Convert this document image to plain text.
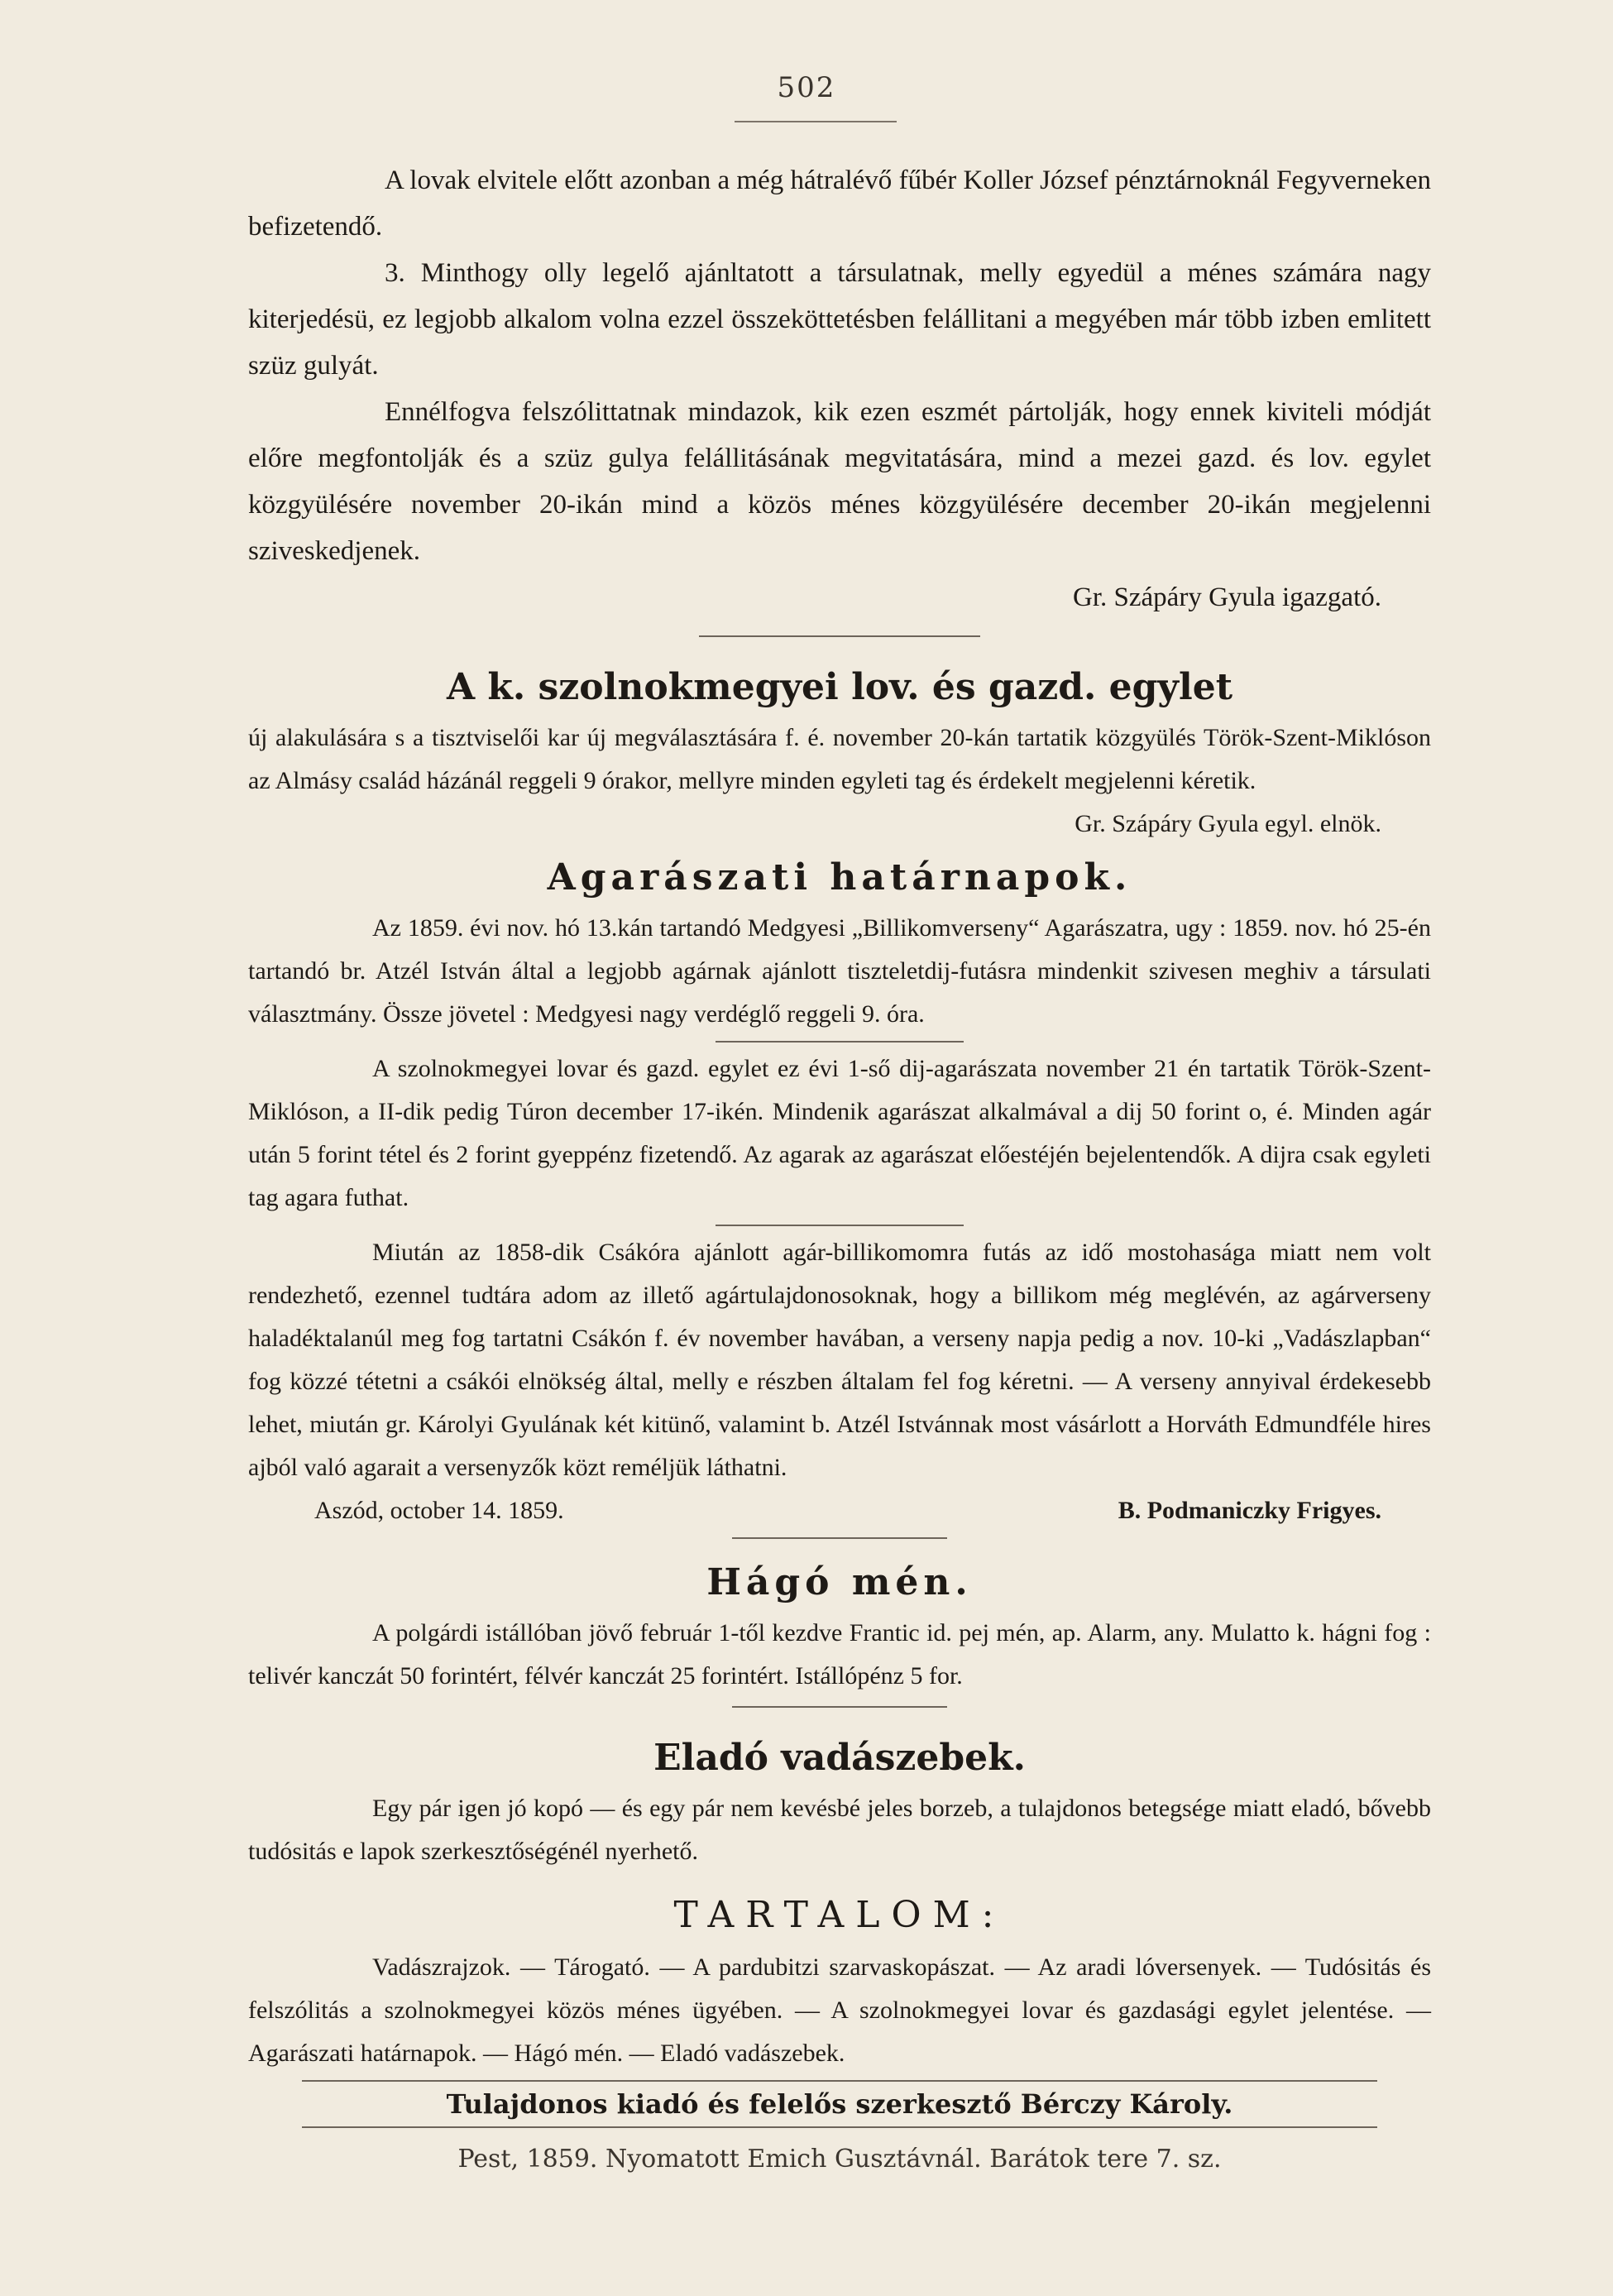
502

A lovak elvitele előtt azonban a még hátralévő fűbér Koller József pénztárnoknál Fegyverneken befizetendő.

3. Minthogy olly legelő ajánltatott a társulatnak, melly egyedül a ménes számára nagy kiterjedésü, ez legjobb alkalom volna ezzel összeköttetésben felállitani a megyében már több izben emlitett szüz gulyát.

Ennélfogva felszólittatnak mindazok, kik ezen eszmét pártolják, hogy ennek kiviteli módját előre megfontolják és a szüz gulya felállitásának megvitatására, mind a mezei gazd. és lov. egylet közgyülésére november 20-ikán mind a közös ménes közgyülésére december 20-ikán megjelenni sziveskedjenek.

Gr. Szápáry Gyula igazgató.

A k. szolnokmegyei lov. és gazd. egylet

új alakulására s a tisztviselői kar új megválasztására f. é. november 20-kán tartatik közgyülés Török-Szent-Miklóson az Almásy család házánál reggeli 9 órakor, mellyre minden egyleti tag és érdekelt megjelenni kéretik.

Gr. Szápáry Gyula egyl. elnök.

Agarászati határnapok.

Az 1859. évi nov. hó 13.kán tartandó Medgyesi „Billikomverseny“ Agarászatra, ugy : 1859. nov. hó 25-én tartandó br. Atzél István által a legjobb agárnak ajánlott tiszteletdij-futásra mindenkit szivesen meghiv a társulati választmány. Össze jövetel : Medgyesi nagy verdéglő reggeli 9. óra.

A szolnokmegyei lovar és gazd. egylet ez évi 1-ső dij-agarászata november 21 én tartatik Török-Szent-Miklóson, a II-dik pedig Túron december 17-ikén. Mindenik agarászat alkalmával a dij 50 forint o, é. Minden agár után 5 forint tétel és 2 forint gyeppénz fizetendő. Az agarak az agarászat előestéjén bejelentendők. A dijra csak egyleti tag agara futhat.

Miután az 1858-dik Csákóra ajánlott agár-billikomomra futás az idő mostohasága miatt nem volt rendezhető, ezennel tudtára adom az illető agártulajdonosoknak, hogy a billikom még meglévén, az agárverseny haladéktalanúl meg fog tartatni Csákón f. év november havában, a verseny napja pedig a nov. 10-ki „Vadászlapban“ fog közzé tétetni a csákói elnökség által, melly e részben általam fel fog kéretni. — A verseny annyival érdekesebb lehet, miután gr. Károlyi Gyulának két kitünő, valamint b. Atzél Istvánnak most vásárlott a Horváth Edmundféle hires ajból való agarait a versenyzők közt reméljük láthatni.

Aszód, october 14. 1859.	B. Podmaniczky Frigyes.

Hágó mén.

A polgárdi istállóban jövő február 1-től kezdve Frantic id. pej mén, ap. Alarm, any. Mulatto k. hágni fog : telivér kanczát 50 forintért, félvér kanczát 25 forintért. Istállópénz 5 for.

Eladó vadászebek.

Egy pár igen jó kopó — és egy pár nem kevésbé jeles borzeb, a tulajdonos betegsége miatt eladó, bővebb tudósitás e lapok szerkesztőségénél nyerhető.

TARTALOM:

Vadászrajzok. — Tárogató. — A pardubitzi szarvaskopászat. — Az aradi lóversenyek. — Tudósitás és felszólitás a szolnokmegyei közös ménes ügyében. — A szolnokmegyei lovar és gazdasági egylet jelentése. — Agarászati határnapok. — Hágó mén. — Eladó vadászebek.

Tulajdonos kiadó és felelős szerkesztő Bérczy Károly.
Pest, 1859. Nyomatott Emich Gusztávnál. Barátok tere 7. sz.
